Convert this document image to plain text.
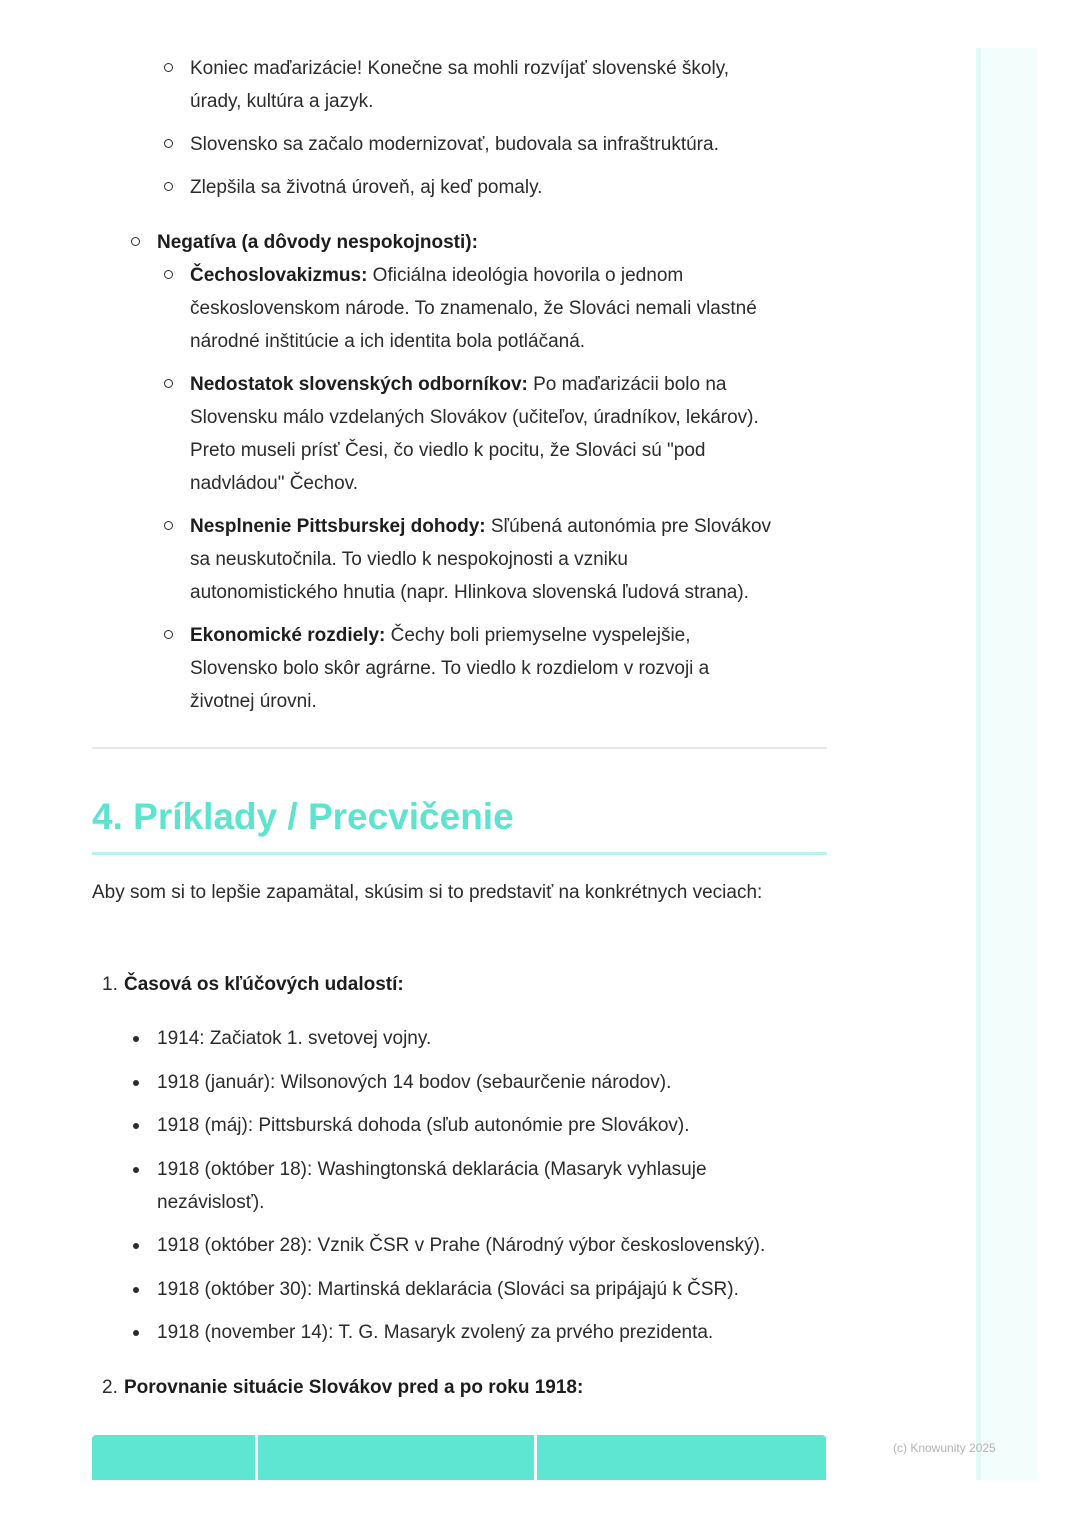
(c) Knowunity 2025
Koniec maďarizácie! Konečne sa mohli rozvíjať slovenské školy,
úrady, kultúra a jazyk.
Slovensko sa začalo modernizovať, budovala sa infraštruktúra.
Zlepšila sa životná úroveň, aj keď pomaly.
Negatíva (a dôvody nespokojnosti):
Čechoslovakizmus: Oficiálna ideológia hovorila o jednom
československom národe. To znamenalo, že Slováci nemali vlastné
národné inštitúcie a ich identita bola potláčaná.
Nedostatok slovenských odborníkov: Po maďarizácii bolo na
Slovensku málo vzdelaných Slovákov (učiteľov, úradníkov, lekárov).
Preto museli prísť Česi, čo viedlo k pocitu, že Slováci sú "pod
nadvládou" Čechov.
Nesplnenie Pittsburskej dohody: Sľúbená autonómia pre Slovákov
sa neuskutočnila. To viedlo k nespokojnosti a vzniku
autonomistického hnutia (napr. Hlinkova slovenská ľudová strana).
Ekonomické rozdiely: Čechy boli priemyselne vyspelejšie,
Slovensko bolo skôr agrárne. To viedlo k rozdielom v rozvoji a
životnej úrovni.
4. Príklady / Precvičenie
Aby som si to lepšie zapamätal, skúsim si to predstaviť na konkrétnych veciach:
1. Časová os kľúčových udalostí:
1914: Začiatok 1. svetovej vojny.
1918 (január): Wilsonových 14 bodov (sebaurčenie národov).
1918 (máj): Pittsburská dohoda (sľub autonómie pre Slovákov).
1918 (október 18): Washingtonská deklarácia (Masaryk vyhlasuje
nezávislosť).
1918 (október 28): Vznik ČSR v Prahe (Národný výbor československý).
1918 (október 30): Martinská deklarácia (Slováci sa pripájajú k ČSR).
1918 (november 14): T. G. Masaryk zvolený za prvého prezidenta.
2. Porovnanie situácie Slovákov pred a po roku 1918:
